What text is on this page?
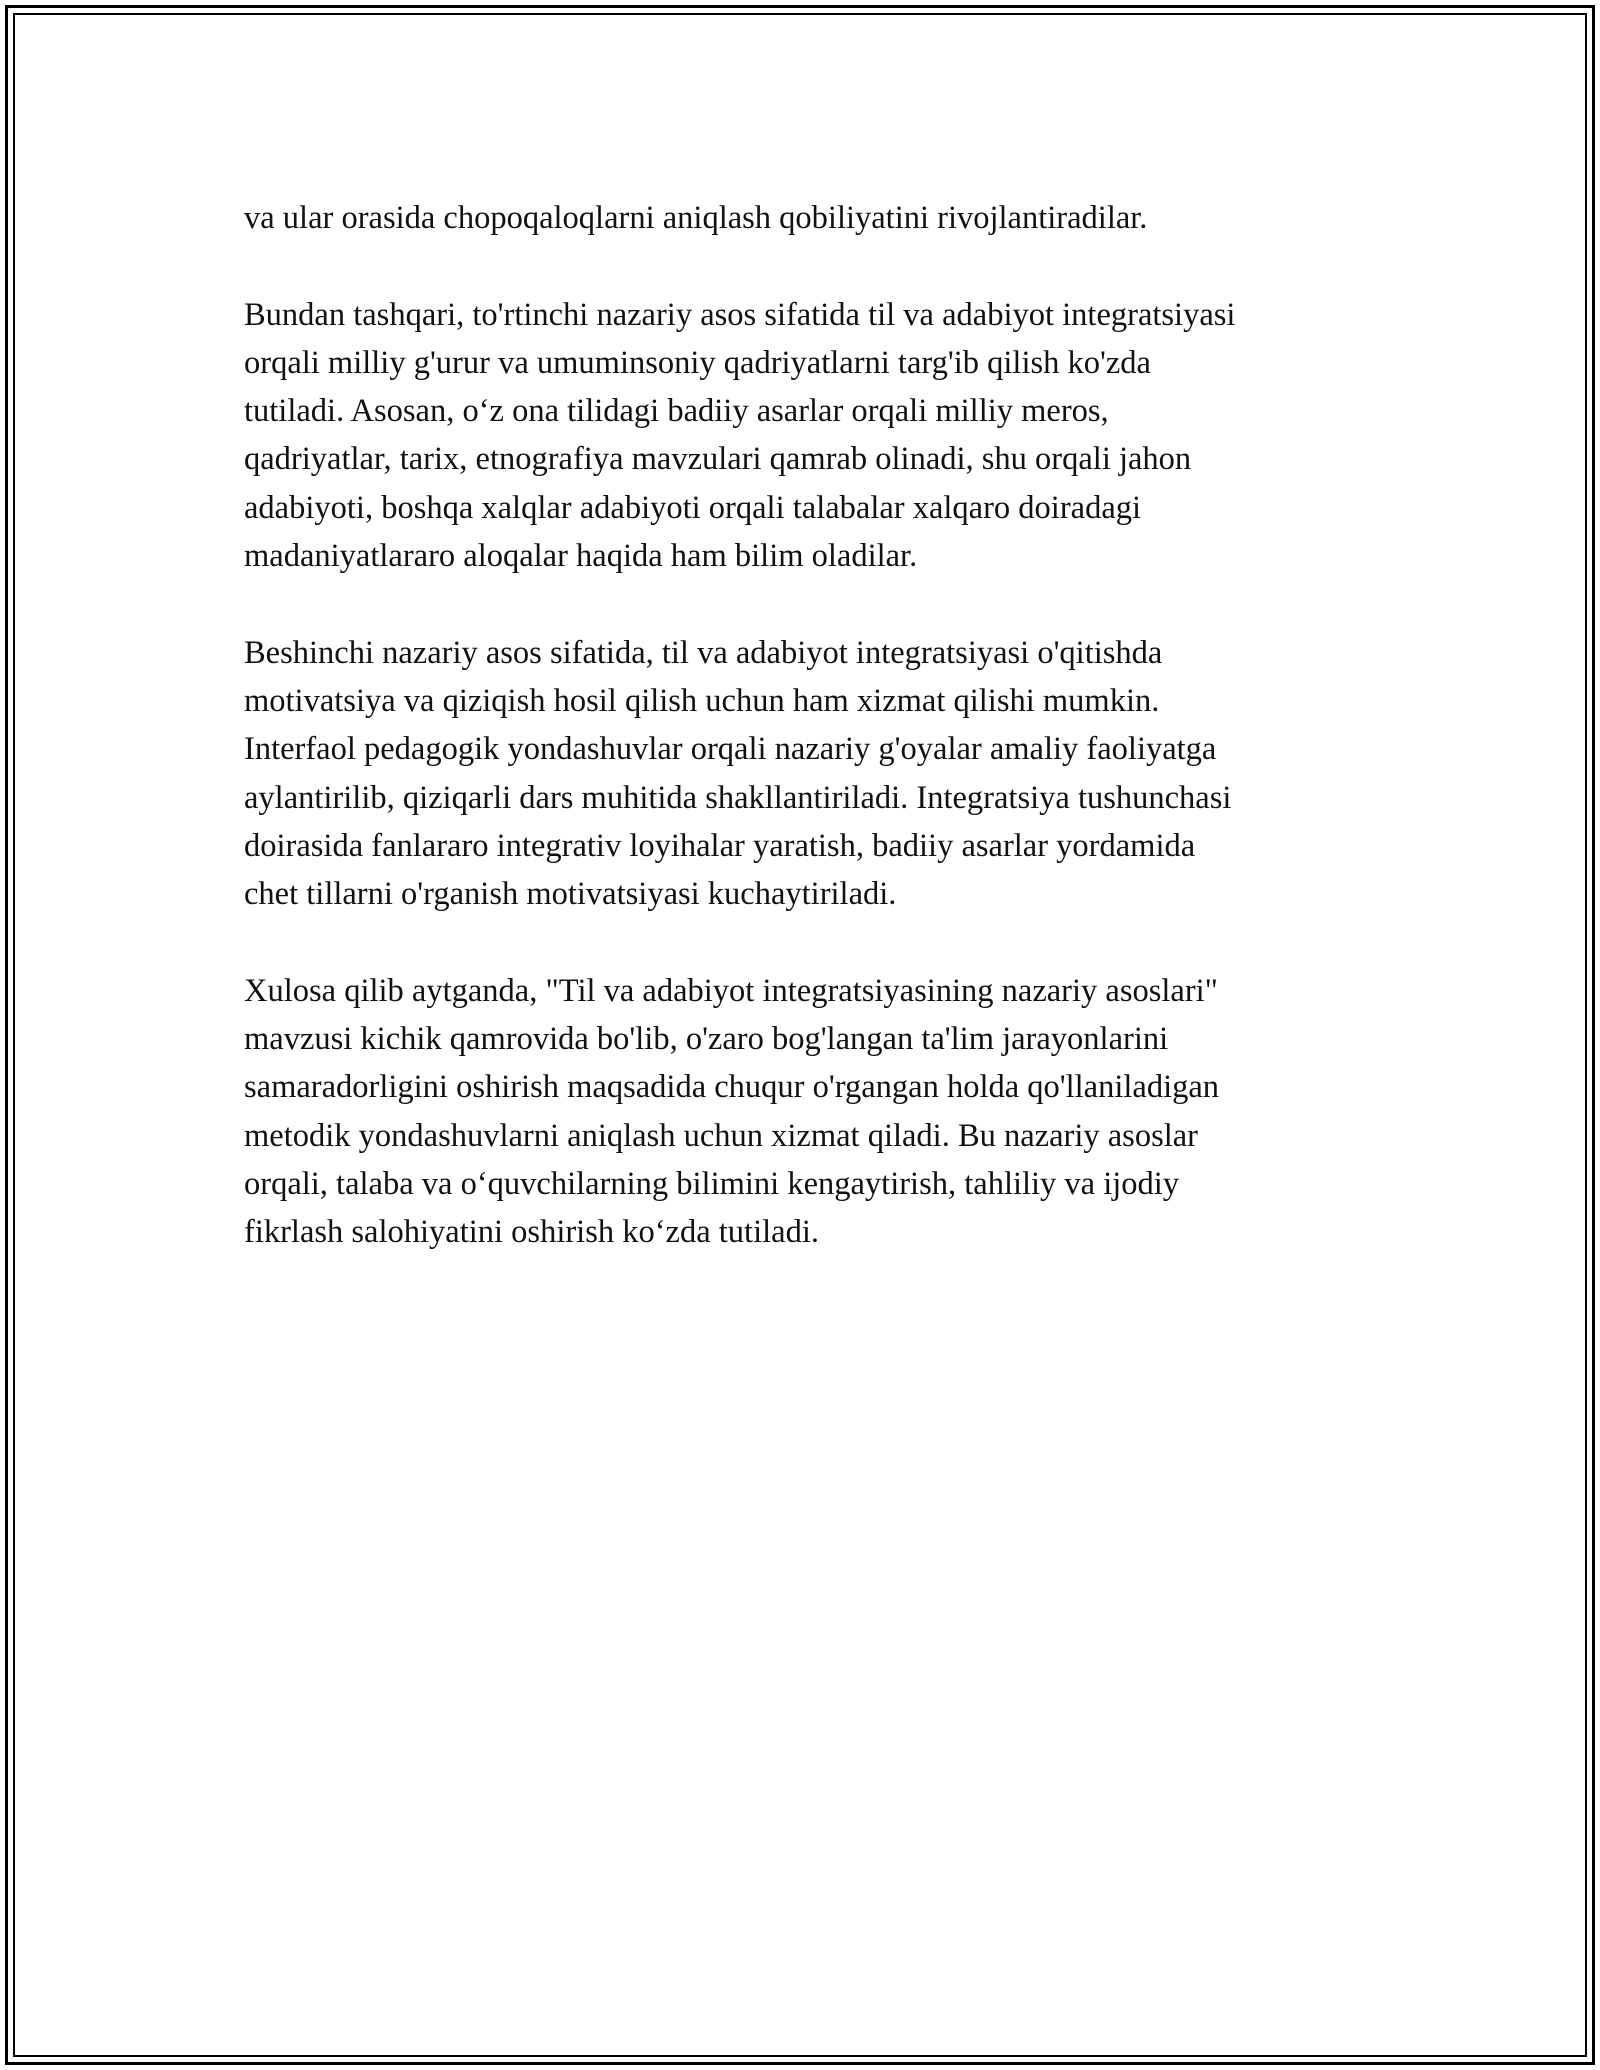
va ular orasida chopoqaloqlarni aniqlash qobiliyatini rivojlantiradilar.

Bundan tashqari, to'rtinchi nazariy asos sifatida til va adabiyot integratsiyasi
orqali milliy g'urur va umuminsoniy qadriyatlarni targ'ib qilish ko'zda
tutiladi. Asosan, o‘z ona tilidagi badiiy asarlar orqali milliy meros,
qadriyatlar, tarix, etnografiya mavzulari qamrab olinadi, shu orqali jahon
adabiyoti, boshqa xalqlar adabiyoti orqali talabalar xalqaro doiradagi
madaniyatlararo aloqalar haqida ham bilim oladilar.

Beshinchi nazariy asos sifatida, til va adabiyot integratsiyasi o'qitishda
motivatsiya va qiziqish hosil qilish uchun ham xizmat qilishi mumkin.
Interfaol pedagogik yondashuvlar orqali nazariy g'oyalar amaliy faoliyatga
aylantirilib, qiziqarli dars muhitida shakllantiriladi. Integratsiya tushunchasi
doirasida fanlararo integrativ loyihalar yaratish, badiiy asarlar yordamida
chet tillarni o'rganish motivatsiyasi kuchaytiriladi.

Xulosa qilib aytganda, "Til va adabiyot integratsiyasining nazariy asoslari"
mavzusi kichik qamrovida bo'lib, o'zaro bog'langan ta'lim jarayonlarini
samaradorligini oshirish maqsadida chuqur o'rgangan holda qo'llaniladigan
metodik yondashuvlarni aniqlash uchun xizmat qiladi. Bu nazariy asoslar
orqali, talaba va o‘quvchilarning bilimini kengaytirish, tahliliy va ijodiy
fikrlash salohiyatini oshirish ko‘zda tutiladi.
